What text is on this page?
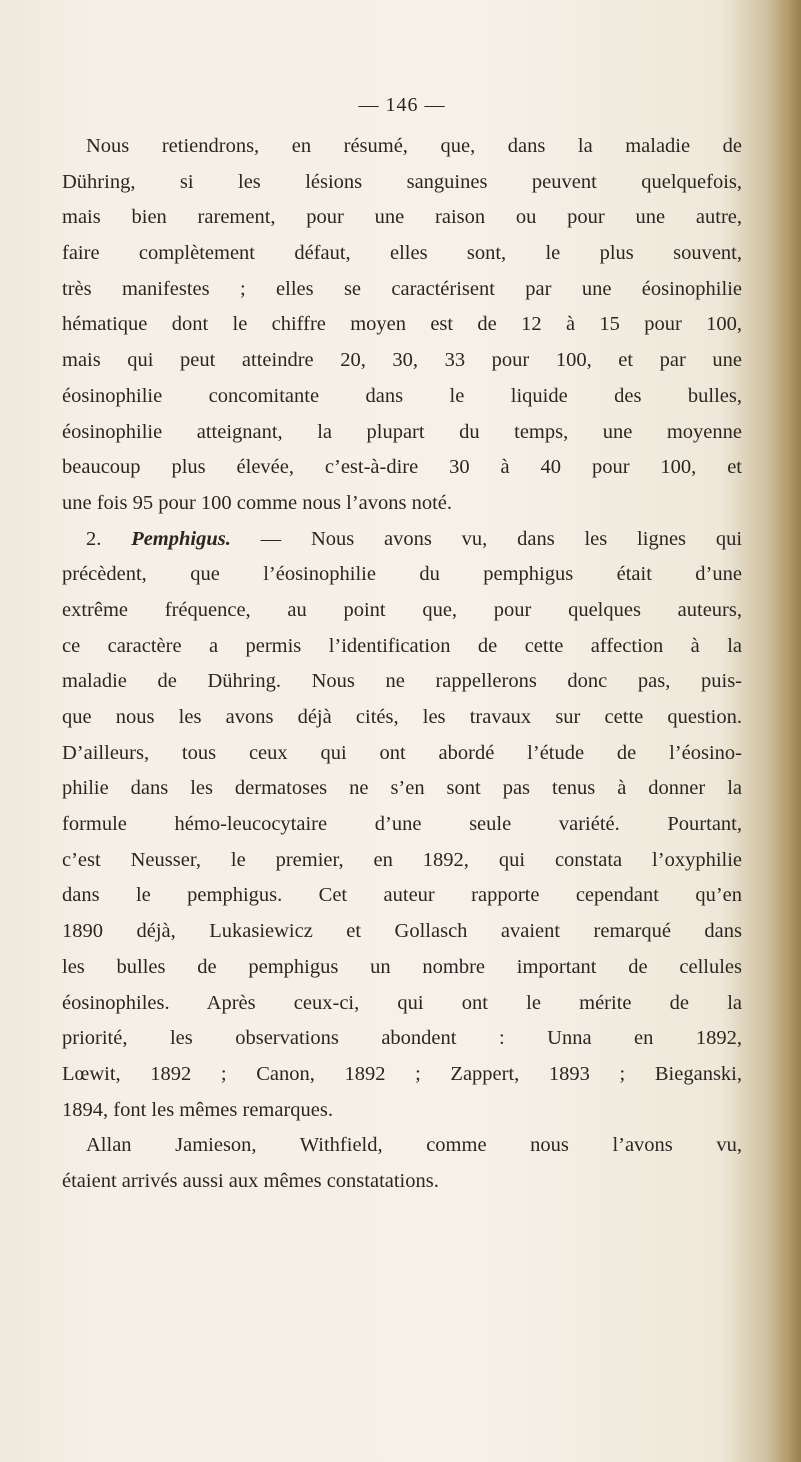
— 146 —
Nous retiendrons, en résumé, que, dans la maladie de
Dühring, si les lésions sanguines peuvent quelquefois,
mais bien rarement, pour une raison ou pour une autre,
faire complètement défaut, elles sont, le plus souvent,
très manifestes ; elles se caractérisent par une éosinophilie
hématique dont le chiffre moyen est de 12 à 15 pour 100,
mais qui peut atteindre 20, 30, 33 pour 100, et par une
éosinophilie concomitante dans le liquide des bulles,
éosinophilie atteignant, la plupart du temps, une moyenne
beaucoup plus élevée, c’est-à-dire 30 à 40 pour 100, et
une fois 95 pour 100 comme nous l’avons noté.
2. Pemphigus. — Nous avons vu, dans les lignes qui
précèdent, que l’éosinophilie du pemphigus était d’une
extrême fréquence, au point que, pour quelques auteurs,
ce caractère a permis l’identification de cette affection à la
maladie de Dühring. Nous ne rappellerons donc pas, puis-
que nous les avons déjà cités, les travaux sur cette question.
D’ailleurs, tous ceux qui ont abordé l’étude de l’éosino-
philie dans les dermatoses ne s’en sont pas tenus à donner la
formule hémo-leucocytaire d’une seule variété. Pourtant,
c’est Neusser, le premier, en 1892, qui constata l’oxyphilie
dans le pemphigus. Cet auteur rapporte cependant qu’en
1890 déjà, Lukasiewicz et Gollasch avaient remarqué dans
les bulles de pemphigus un nombre important de cellules
éosinophiles. Après ceux-ci, qui ont le mérite de la
priorité, les observations abondent : Unna en 1892,
Lœwit, 1892 ; Canon, 1892 ; Zappert, 1893 ; Bieganski,
1894, font les mêmes remarques.
Allan Jamieson, Withfield, comme nous l’avons vu,
étaient arrivés aussi aux mêmes constatations.
